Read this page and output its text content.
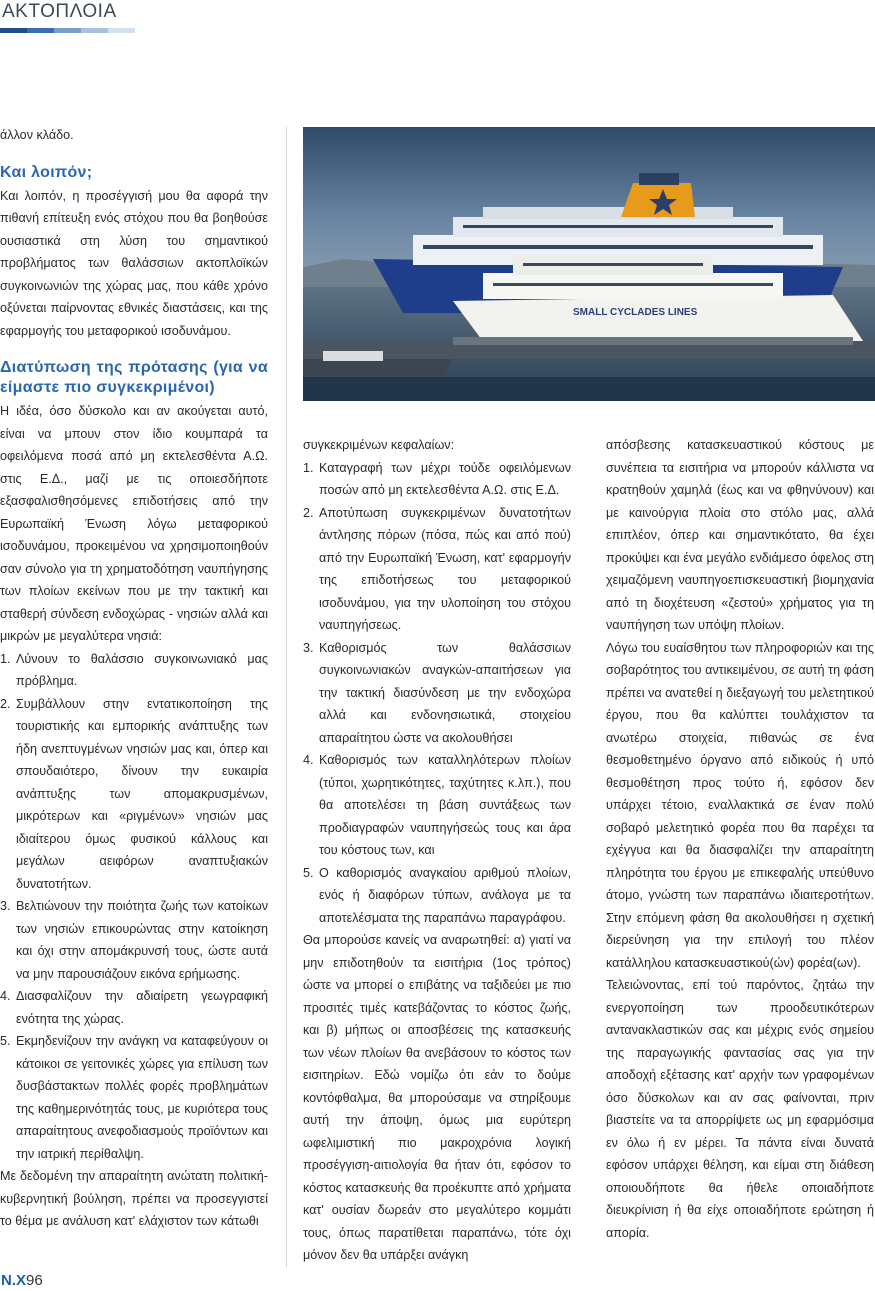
ΑΚΤΟΠΛΟΙΑ

άλλον κλάδο.

Και λοιπόν;

Και λοιπόν, η προσέγγισή μου θα αφορά την πιθανή επίτευξη ενός στόχου που θα βοηθούσε ουσιαστικά στη λύση του σημαντικού προβλήματος των θαλάσσιων ακτοπλοϊκών συγκοινωνιών της χώρας μας, που κάθε χρόνο οξύνεται παίρνοντας εθνικές διαστάσεις, και της εφαρμογής του μεταφορικού ισοδυνάμου.

Διατύπωση της πρότασης (για να είμαστε πιο συγκεκριμένοι)

Η ιδέα, όσο δύσκολο και αν ακούγεται αυτό, είναι να μπουν στον ίδιο κουμπαρά τα οφειλόμενα ποσά από μη εκτελεσθέντα Α.Ω. στις Ε.Δ., μαζί με τις οποιεσδήποτε εξασφαλισθησόμενες επιδοτήσεις από την Ευρωπαϊκή Ένωση λόγω μεταφορικού ισοδυνάμου, προκειμένου να χρησιμοποιηθούν σαν σύνολο για τη χρηματοδότηση ναυπήγησης των πλοίων εκείνων που με την τακτική και σταθερή σύνδεση ενδοχώρας - νησιών αλλά και μικρών με μεγαλύτερα νησιά:

1. Λύνουν το θαλάσσιο συγκοινωνιακό μας πρόβλημα.
2. Συμβάλλουν στην εντατικοποίηση της τουριστικής και εμπορικής ανάπτυξης των ήδη ανεπτυγμένων νησιών μας και, όπερ και σπουδαιότερο, δίνουν την ευκαιρία ανάπτυξης των απομακρυσμένων, μικρότερων και «ριγμένων» νησιών μας ιδιαίτερου όμως φυσικού κάλλους και μεγάλων αειφόρων αναπτυξιακών δυνατοτήτων.
3. Βελτιώνουν την ποιότητα ζωής των κατοίκων των νησιών επικουρώντας στην κατοίκηση και όχι στην απομάκρυνσή τους, ώστε αυτά να μην παρουσιάζουν εικόνα ερήμωσης.
4. Διασφαλίζουν την αδιαίρετη γεωγραφική ενότητα της χώρας.
5. Εκμηδενίζουν την ανάγκη να καταφεύγουν οι κάτοικοι σε γειτονικές χώρες για επίλυση των δυσβάστακτων πολλές φορές προβλημάτων της καθημερινότητάς τους, με κυριότερα τους απαραίτητους ανεφοδιασμούς προϊόντων και την ιατρική περίθαλψη.

Με δεδομένη την απαραίτητη ανώτατη πολιτική-κυβερνητική βούληση, πρέπει να προσεγγιστεί το θέμα με ανάλυση κατ' ελάχιστον των κάτωθι

SMALL CYCLADES LINES

συγκεκριμένων κεφαλαίων:

1. Καταγραφή των μέχρι τούδε οφειλόμενων ποσών από μη εκτελεσθέντα Α.Ω. στις Ε.Δ.
2. Αποτύπωση συγκεκριμένων δυνατοτήτων άντλησης πόρων (πόσα, πώς και από πού) από την Ευρωπαϊκή Ένωση, κατ' εφαρμογήν της επιδοτήσεως του μεταφορικού ισοδυνάμου, για την υλοποίηση του στόχου ναυπηγήσεως.
3. Καθορισμός των θαλάσσιων συγκοινωνιακών αναγκών-απαιτήσεων για την τακτική διασύνδεση με την ενδοχώρα αλλά και ενδονησιωτικά, στοιχείου απαραίτητου ώστε να ακολουθήσει
4. Καθορισμός των καταλληλότερων πλοίων (τύποι, χωρητικότητες, ταχύτητες κ.λπ.), που θα αποτελέσει τη βάση συντάξεως των προδιαγραφών ναυπηγήσεώς τους και άρα του κόστους των, και
5. Ο καθορισμός αναγκαίου αριθμού πλοίων, ενός ή διαφόρων τύπων, ανάλογα με τα αποτελέσματα της παραπάνω παραγράφου.

Θα μπορούσε κανείς να αναρωτηθεί: α) γιατί να μην επιδοτηθούν τα εισιτήρια (1ος τρόπος) ώστε να μπορεί ο επιβάτης να ταξιδεύει με πιο προσιτές τιμές κατεβάζοντας το κόστος ζωής, και β) μήπως οι αποσβέσεις της κατασκευής των νέων πλοίων θα ανεβάσουν το κόστος των εισιτηρίων. Εδώ νομίζω ότι εάν το δούμε κοντόφθαλμα, θα μπορούσαμε να στηρίξουμε αυτή την άποψη, όμως μια ευρύτερη ωφελιμιστική πιο μακροχρόνια λογική προσέγγιση-αιτιολογία θα ήταν ότι, εφόσον το κόστος κατασκευής θα προέκυπτε από χρήματα κατ' ουσίαν δωρεάν στο μεγαλύτερο κομμάτι τους, όπως παρατίθεται παραπάνω, τότε όχι μόνον δεν θα υπάρξει ανάγκη

απόσβεσης κατασκευαστικού κόστους με συνέπεια τα εισιτήρια να μπορούν κάλλιστα να κρατηθούν χαμηλά (έως και να φθηνύνουν) και με καινούργια πλοία στο στόλο μας, αλλά επιπλέον, όπερ και σημαντικότατο, θα έχει προκύψει και ένα μεγάλο ενδιάμεσο όφελος στη χειμαζόμενη ναυπηγοεπισκευαστική βιομηχανία από τη διοχέτευση «ζεστού» χρήματος για τη ναυπήγηση των υπόψη πλοίων.

Λόγω του ευαίσθητου των πληροφοριών και της σοβαρότητος του αντικειμένου, σε αυτή τη φάση πρέπει να ανατεθεί η διεξαγωγή του μελετητικού έργου, που θα καλύπτει τουλάχιστον τα ανωτέρω στοιχεία, πιθανώς σε ένα θεσμοθετημένο όργανο από ειδικούς ή υπό θεσμοθέτηση προς τούτο ή, εφόσον δεν υπάρχει τέτοιο, εναλλακτικά σε έναν πολύ σοβαρό μελετητικό φορέα που θα παρέχει τα εχέγγυα και θα διασφαλίζει την απαραίτητη πληρότητα του έργου με επικεφαλής υπεύθυνο άτομο, γνώστη των παραπάνω ιδιαιτεροτήτων. Στην επόμενη φάση θα ακολουθήσει η σχετική διερεύνηση για την επιλογή του πλέον κατάλληλου κατασκευαστικού(ών) φορέα(ων).

Τελειώνοντας, επί τού παρόντος, ζητάω την ενεργοποίηση των προοδευτικότερων αντανακλαστικών σας και μέχρις ενός σημείου της παραγωγικής φαντασίας σας για την αποδοχή εξέτασης κατ' αρχήν των γραφομένων όσο δύσκολων και αν σας φαίνονται, πριν βιαστείτε να τα απορρίψετε ως μη εφαρμόσιμα εν όλω ή εν μέρει. Τα πάντα είναι δυνατά εφόσον υπάρχει θέληση, και είμαι στη διάθεση οποιουδήποτε θα ήθελε οποιαδήποτε διευκρίνιση ή θα είχε οποιαδήποτε ερώτηση ή απορία.

Ν.Χ96
